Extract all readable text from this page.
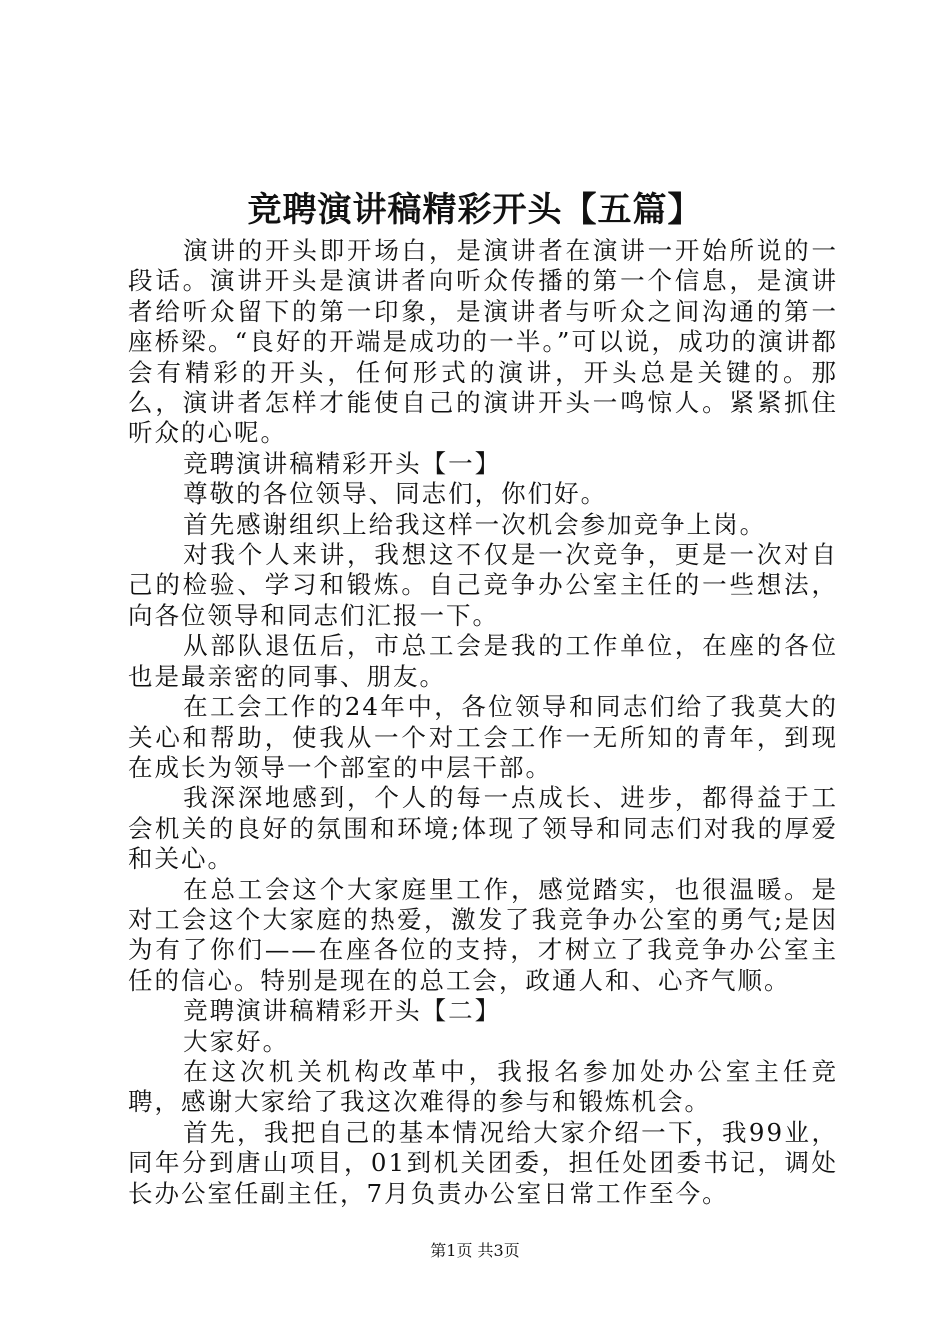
竞聘演讲稿精彩开头【五篇】

演讲的开头即开场白，是演讲者在演讲一开始所说的一段话。演讲开头是演讲者向听众传播的第一个信息，是演讲者给听众留下的第一印象，是演讲者与听众之间沟通的第一座桥梁。“良好的开端是成功的一半。”可以说，成功的演讲都会有精彩的开头，任何形式的演讲，开头总是关键的。那么，演讲者怎样才能使自己的演讲开头一鸣惊人。紧紧抓住听众的心呢。

竞聘演讲稿精彩开头【一】

尊敬的各位领导、同志们，你们好。

首先感谢组织上给我这样一次机会参加竞争上岗。

对我个人来讲，我想这不仅是一次竞争，更是一次对自己的检验、学习和锻炼。自己竞争办公室主任的一些想法，向各位领导和同志们汇报一下。

从部队退伍后，市总工会是我的工作单位，在座的各位也是最亲密的同事、朋友。

在工会工作的24年中，各位领导和同志们给了我莫大的关心和帮助，使我从一个对工会工作一无所知的青年，到现在成长为领导一个部室的中层干部。

我深深地感到，个人的每一点成长、进步，都得益于工会机关的良好的氛围和环境;体现了领导和同志们对我的厚爱和关心。

在总工会这个大家庭里工作，感觉踏实，也很温暖。是对工会这个大家庭的热爱，激发了我竞争办公室的勇气;是因为有了你们——在座各位的支持，才树立了我竞争办公室主任的信心。特别是现在的总工会，政通人和、心齐气顺。

竞聘演讲稿精彩开头【二】

大家好。

在这次机关机构改革中，我报名参加处办公室主任竞聘，感谢大家给了我这次难得的参与和锻炼机会。

首先，我把自己的基本情况给大家介绍一下，我99业，同年分到唐山项目，01到机关团委，担任处团委书记，调处长办公室任副主任，7月负责办公室日常工作至今。

第1页 共3页
